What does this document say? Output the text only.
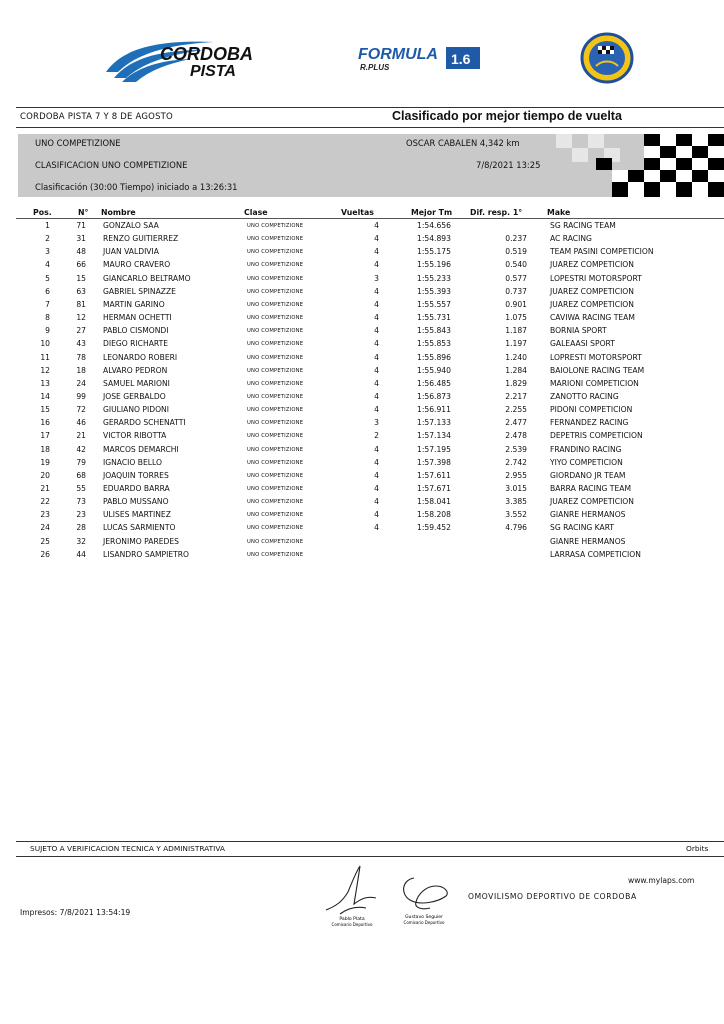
CORDOBA
PISTA
FORMULA
R.PLUS
1.6
CORDOBA PISTA 7 Y 8 DE AGOSTO	Clasificado por mejor tiempo de vuelta
UNO COMPETIZIONE	OSCAR CABALEN 4,342 km
CLASIFICACION UNO COMPETIZIONE	7/8/2021 13:25
Clasificación (30:00 Tiempo) iniciado a 13:26:31
Pos.	N° Nombre	Clase	Vueltas	Mejor Tm Dif. resp. 1°	Make
1	71 GONZALO SAA	UNO COMPETIZIONE	4	1:54.656	SG RACING TEAM
2	31 RENZO GUITIERREZ	UNO COMPETIZIONE	4	1:54.893	0.237	AC RACING
3	48 JUAN VALDIVIA	UNO COMPETIZIONE	4	1:55.175	0.519	TEAM PASINI COMPETICION
4	66 MAURO CRAVERO	UNO COMPETIZIONE	4	1:55.196	0.540	JUAREZ COMPETICION
5	15 GIANCARLO BELTRAMO	UNO COMPETIZIONE	3	1:55.233	0.577	LOPESTRI MOTORSPORT
6	63 GABRIEL SPINAZZE	UNO COMPETIZIONE	4	1:55.393	0.737	JUAREZ COMPETICION
7	81 MARTIN GARINO	UNO COMPETIZIONE	4	1:55.557	0.901	JUAREZ COMPETICION
8	12 HERMAN OCHETTI	UNO COMPETIZIONE	4	1:55.731	1.075	CAVIWA RACING TEAM
9	27 PABLO CISMONDI	UNO COMPETIZIONE	4	1:55.843	1.187	BORNIA SPORT
10	43 DIEGO RICHARTE	UNO COMPETIZIONE	4	1:55.853	1.197	GALEAASI SPORT
11	78 LEONARDO ROBERI	UNO COMPETIZIONE	4	1:55.896	1.240	LOPRESTI MOTORSPORT
12	18 ALVARO PEDRON	UNO COMPETIZIONE	4	1:55.940	1.284	BAIOLONE RACING TEAM
13	24 SAMUEL MARIONI	UNO COMPETIZIONE	4	1:56.485	1.829	MARIONI COMPETICION
14	99 JOSE GERBALDO	UNO COMPETIZIONE	4	1:56.873	2.217	ZANOTTO RACING
15	72 GIULIANO PIDONI	UNO COMPETIZIONE	4	1:56.911	2.255	PIDONI COMPETICION
16	46 GERARDO SCHENATTI	UNO COMPETIZIONE	3	1:57.133	2.477	FERNANDEZ RACING
17	21 VICTOR RIBOTTA	UNO COMPETIZIONE	2	1:57.134	2.478	DEPETRIS COMPETICION
18	42 MARCOS DEMARCHI	UNO COMPETIZIONE	4	1:57.195	2.539	FRANDINO RACING
19	79 IGNACIO BELLO	UNO COMPETIZIONE	4	1:57.398	2.742	YIYO COMPETICION
20	68 JOAQUIN TORRES	UNO COMPETIZIONE	4	1:57.611	2.955	GIORDANO JR TEAM
21	55 EDUARDO BARRA	UNO COMPETIZIONE	4	1:57.671	3.015	BARRA RACING TEAM
22	73 PABLO MUSSANO	UNO COMPETIZIONE	4	1:58.041	3.385	JUAREZ COMPETICION
23	23 ULISES MARTINEZ	UNO COMPETIZIONE	4	1:58.208	3.552	GIANRE HERMANOS
24	28 LUCAS SARMIENTO	UNO COMPETIZIONE	4	1:59.452	4.796	SG RACING KART
25	32 JERONIMO PAREDES	UNO COMPETIZIONE	GIANRE HERMANOS
26	44 LISANDRO SAMPIETRO	UNO COMPETIZIONE	LARRASA COMPETICION
SUJETO A VERIFICACION TECNICA Y ADMINISTRATIVA	Orbits
Pablo Plata
Comisario Deportivo
Gustavo Seguier
Comisario Deportivo
www.mylaps.com
OMOVILISMO DEPORTIVO DE CORDOBA
Impresos: 7/8/2021 13:54:19
